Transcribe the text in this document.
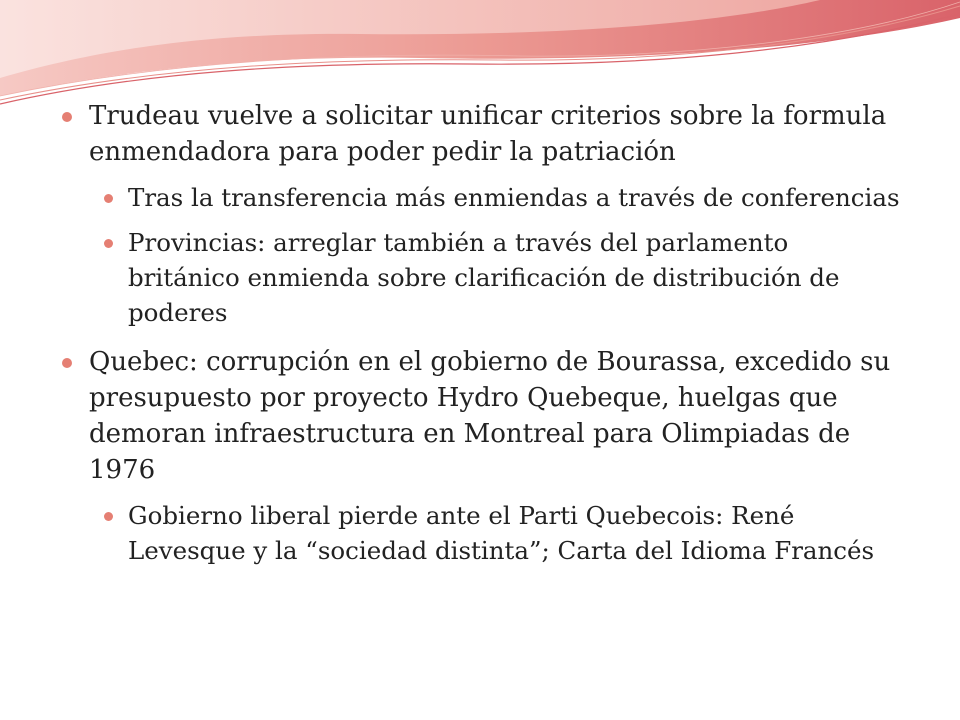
Trudeau vuelve a solicitar unificar criterios sobre la formula enmendadora para poder pedir la patriación
Tras la transferencia más enmiendas a través de conferencias
Provincias: arreglar también a través del parlamento británico enmienda sobre clarificación de distribución de poderes
Quebec: corrupción en el gobierno de Bourassa, excedido su presupuesto por proyecto Hydro Quebeque, huelgas que demoran infraestructura en Montreal para Olimpiadas de 1976
Gobierno liberal pierde ante el Parti Quebecois: René Levesque y la “sociedad distinta”; Carta del Idioma Francés
